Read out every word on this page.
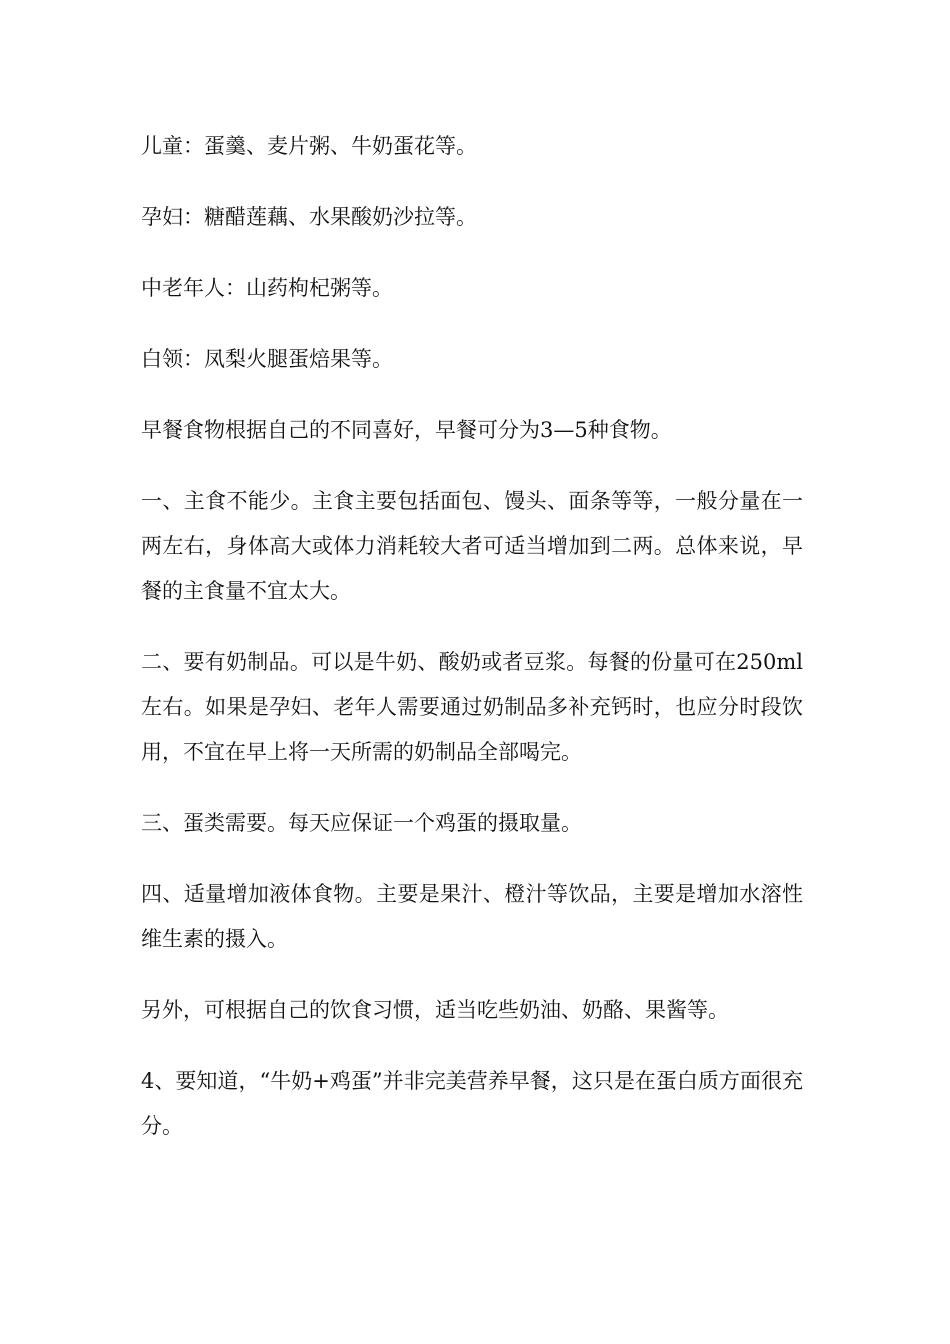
儿童：蛋羹、麦片粥、牛奶蛋花等。

孕妇：糖醋莲藕、水果酸奶沙拉等。

中老年人：山药枸杞粥等。

白领：凤梨火腿蛋焙果等。

早餐食物根据自己的不同喜好，早餐可分为3—5种食物。

一、主食不能少。主食主要包括面包、馒头、面条等等，一般分量在一两左右，身体高大或体力消耗较大者可适当增加到二两。总体来说，早餐的主食量不宜太大。

二、要有奶制品。可以是牛奶、酸奶或者豆浆。每餐的份量可在250ml左右。如果是孕妇、老年人需要通过奶制品多补充钙时，也应分时段饮用，不宜在早上将一天所需的奶制品全部喝完。

三、蛋类需要。每天应保证一个鸡蛋的摄取量。

四、适量增加液体食物。主要是果汁、橙汁等饮品，主要是增加水溶性维生素的摄入。

另外，可根据自己的饮食习惯，适当吃些奶油、奶酪、果酱等。

4、要知道，“牛奶+鸡蛋”并非完美营养早餐，这只是在蛋白质方面很充分。
